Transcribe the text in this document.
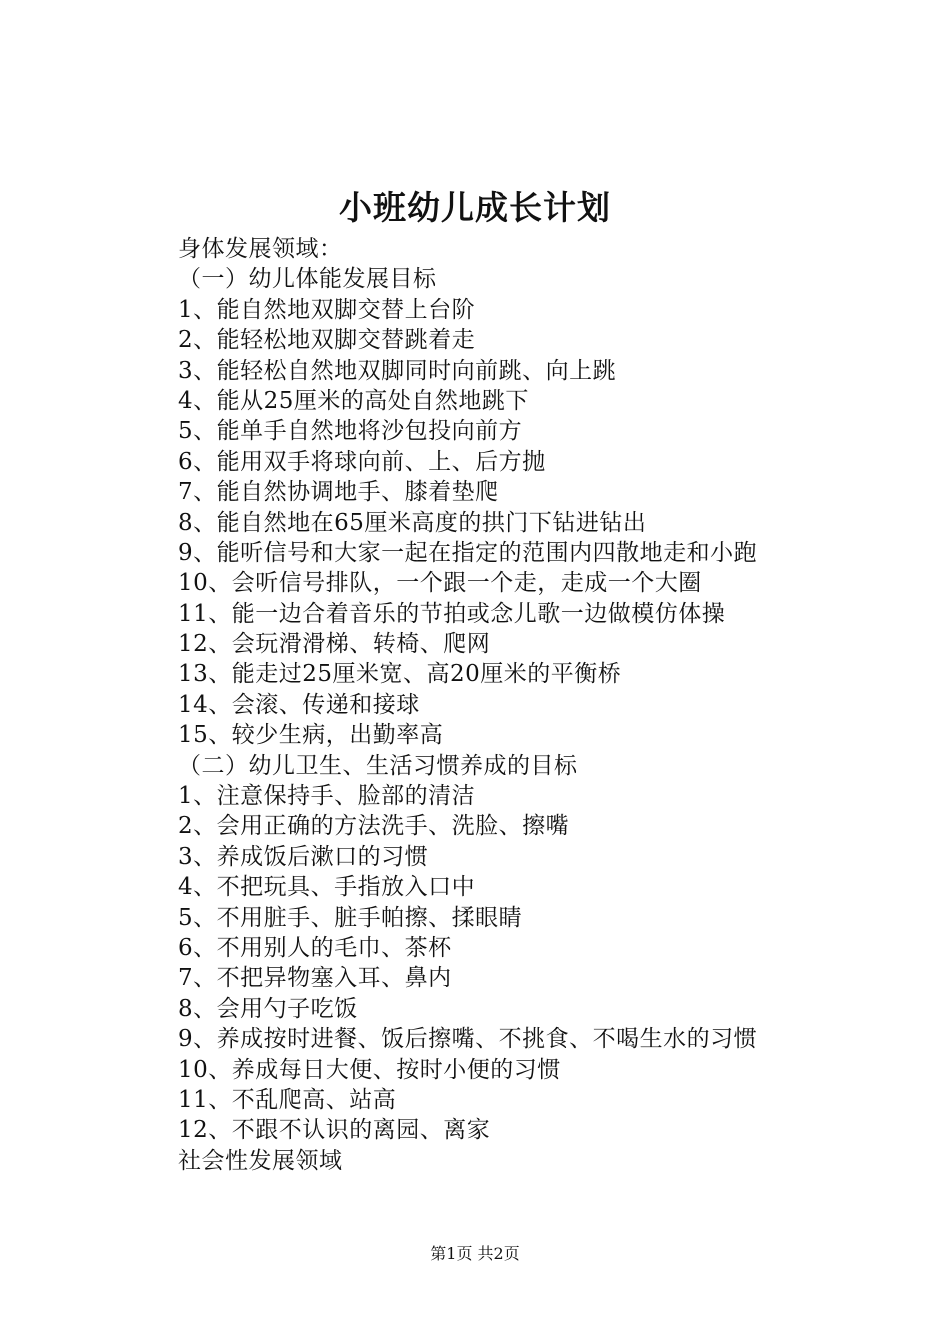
小班幼儿成长计划
身体发展领域：
（一）幼儿体能发展目标
1、能自然地双脚交替上台阶
2、能轻松地双脚交替跳着走
3、能轻松自然地双脚同时向前跳、向上跳
4、能从25厘米的高处自然地跳下
5、能单手自然地将沙包投向前方
6、能用双手将球向前、上、后方抛
7、能自然协调地手、膝着垫爬
8、能自然地在65厘米高度的拱门下钻进钻出
9、能听信号和大家一起在指定的范围内四散地走和小跑
10、会听信号排队，一个跟一个走，走成一个大圈
11、能一边合着音乐的节拍或念儿歌一边做模仿体操
12、会玩滑滑梯、转椅、爬网
13、能走过25厘米宽、高20厘米的平衡桥
14、会滚、传递和接球
15、较少生病，出勤率高
（二）幼儿卫生、生活习惯养成的目标
1、注意保持手、脸部的清洁
2、会用正确的方法洗手、洗脸、擦嘴
3、养成饭后漱口的习惯
4、不把玩具、手指放入口中
5、不用脏手、脏手帕擦、揉眼睛
6、不用别人的毛巾、茶杯
7、不把异物塞入耳、鼻内
8、会用勺子吃饭
9、养成按时进餐、饭后擦嘴、不挑食、不喝生水的习惯
10、养成每日大便、按时小便的习惯
11、不乱爬高、站高
12、不跟不认识的离园、离家
社会性发展领域
第1页 共2页
